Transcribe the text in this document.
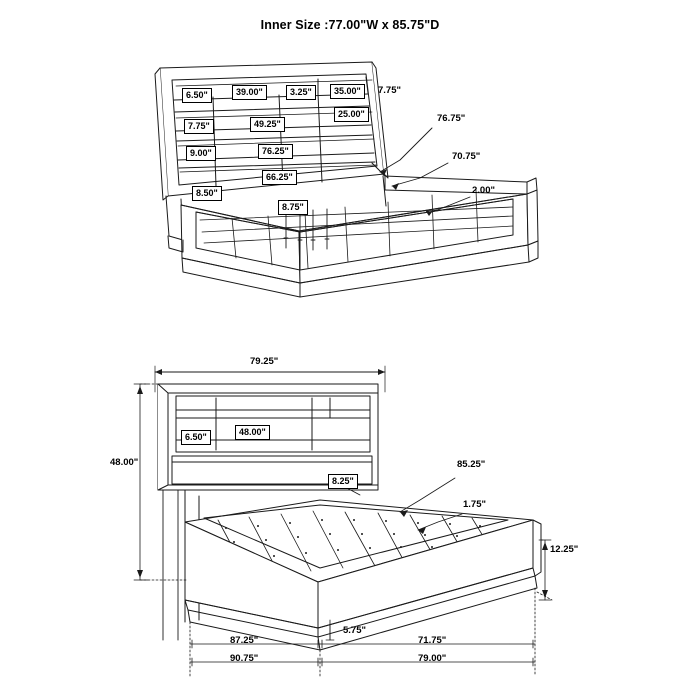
Inner Size :77.00"W x 85.75"D
6.50"	39.00"	3.25"	35.00"	7.75"
25.00"
7.75"	49.25"
9.00"	76.25"
66.25"
8.50"
8.75"
76.75"
70.75"
2.00"
79.25"
6.50"	48.00"
48.00"
8.25"
85.25"
1.75"
12.25"
5.75"
87.25"	71.75"
90.75"	79.00"
